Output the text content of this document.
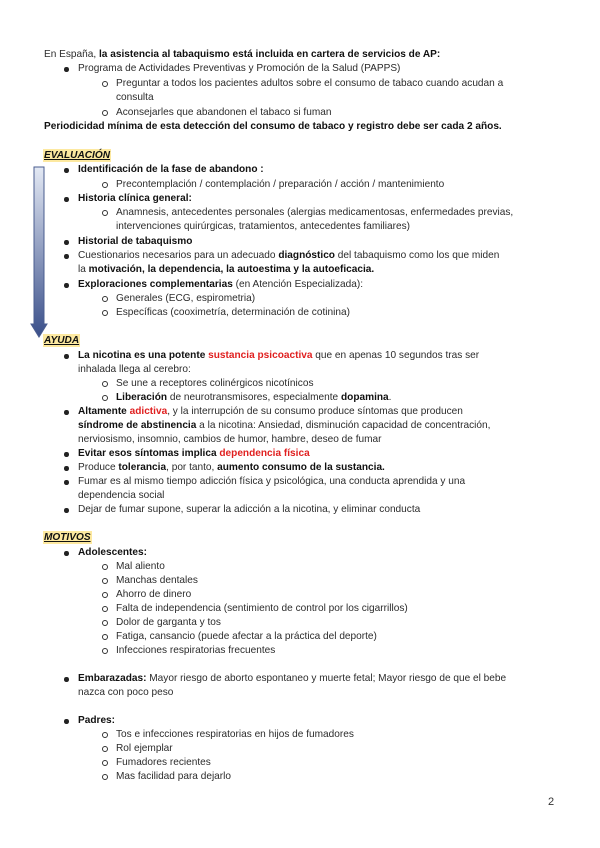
En España, la asistencia al tabaquismo está incluida en cartera de servicios de AP:
Programa de Actividades Preventivas y Promoción de la Salud (PAPPS)
Preguntar a todos los pacientes adultos sobre el consumo de tabaco cuando acudan a
consulta
Aconsejarles que abandonen el tabaco si fuman
Periodicidad mínima de esta detección del consumo de tabaco y registro debe ser cada 2 años.
EVALUACIÓN
Identificación de la fase de abandono :
Precontemplación / contemplación / preparación / acción / mantenimiento
Historia clínica general:
Anamnesis, antecedentes personales (alergias medicamentosas, enfermedades previas,
intervenciones quirúrgicas, tratamientos, antecedentes familiares)
Historial de tabaquismo
Cuestionarios necesarios para un adecuado diagnóstico del tabaquismo como los que miden
la motivación, la dependencia, la autoestima y la autoeficacia.
Exploraciones complementarias (en Atención Especializada):
Generales (ECG, espirometria)
Específicas (cooximetría, determinación de cotinina)
AYUDA
La nicotina es una potente sustancia psicoactiva que en apenas 10 segundos tras ser
inhalada llega al cerebro:
Se une a receptores colinérgicos nicotínicos
Liberación de neurotransmisores, especialmente dopamina.
Altamente adictiva, y la interrupción de su consumo produce síntomas que producen
síndrome de abstinencia a la nicotina: Ansiedad, disminución capacidad de concentración,
nerviosismo, insomnio, cambios de humor, hambre, deseo de fumar
Evitar esos síntomas implica dependencia física
Produce tolerancia, por tanto, aumento consumo de la sustancia.
Fumar es al mismo tiempo adicción física y psicológica, una conducta aprendida y una
dependencia social
Dejar de fumar supone, superar la adicción a la nicotina, y eliminar conducta
MOTIVOS
Adolescentes:
Mal aliento
Manchas dentales
Ahorro de dinero
Falta de independencia (sentimiento de control por los cigarrillos)
Dolor de garganta y tos
Fatiga, cansancio (puede afectar a la práctica del deporte)
Infecciones respiratorias frecuentes
Embarazadas: Mayor riesgo de aborto espontaneo y muerte fetal; Mayor riesgo de que el bebe
nazca con poco peso
Padres:
Tos e infecciones respiratorias en hijos de fumadores
Rol ejemplar
Fumadores recientes
Mas facilidad para dejarlo
2
